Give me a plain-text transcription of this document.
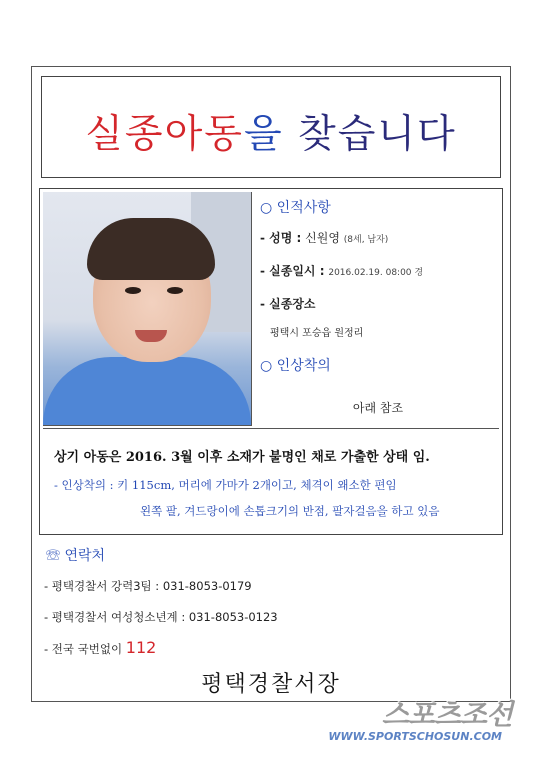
실종아동을 찾습니다
○ 인적사항
- 성명 : 신원영 (8세, 남자)
- 실종일시 : 2016.02.19. 08:00 경
- 실종장소
평택시 포승읍 원정리
○ 인상착의
아래 참조
상기 아동은 2016. 3월 이후 소재가 불명인 채로 가출한 상태 임.
- 인상착의 : 키 115cm, 머리에 가마가 2개이고, 체격이 왜소한 편임
왼쪽 팔, 겨드랑이에 손톱크기의 반점, 팔자걸음을 하고 있음
☏ 연락처
- 평택경찰서 강력3팀 : 031-8053-0179
- 평택경찰서 여성청소년계 : 031-8053-0123
- 전국 국번없이 112
평택경찰서장
스포츠조선
WWW.SPORTSCHOSUN.COM
